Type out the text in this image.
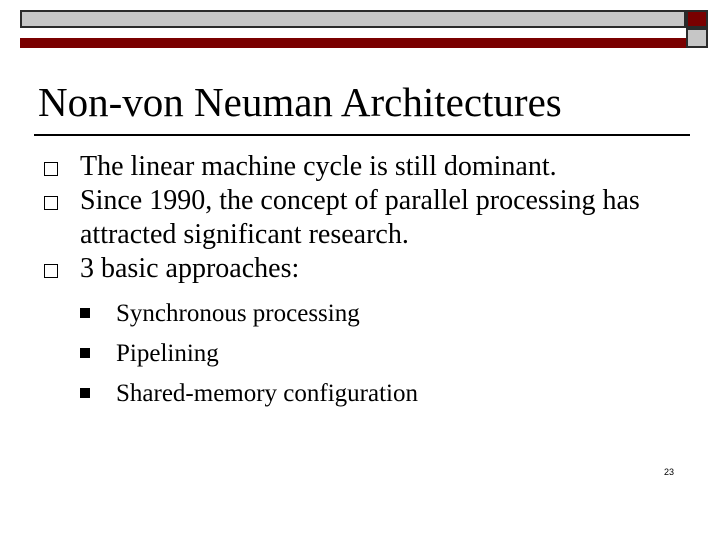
Non-von Neuman Architectures
The linear machine cycle is still dominant.
Since 1990, the concept of parallel processing has attracted significant research.
3 basic approaches:
Synchronous processing
Pipelining
Shared-memory configuration
23
